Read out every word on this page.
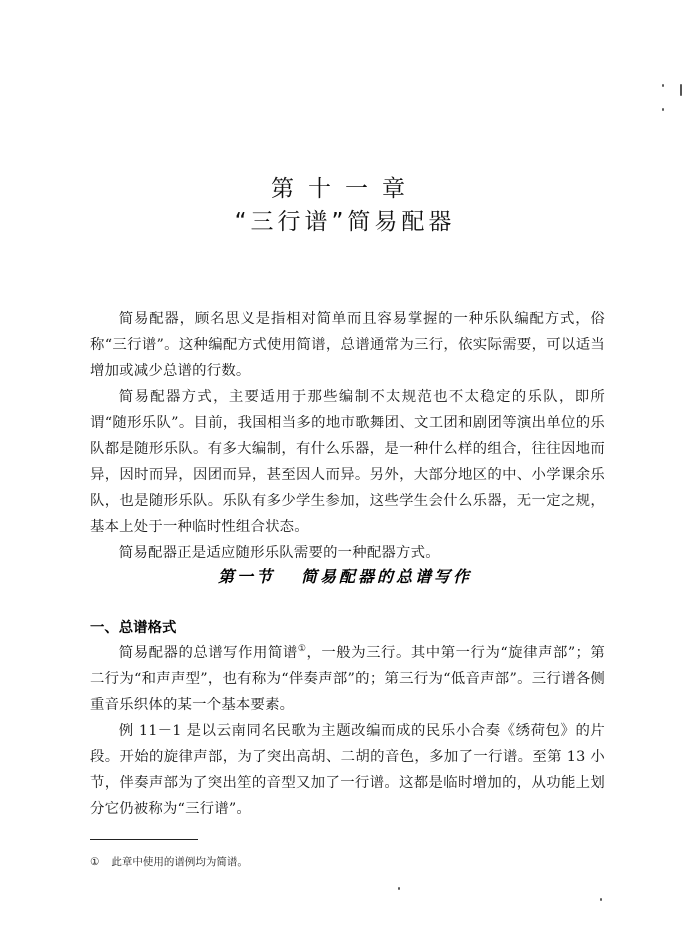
第十一章
“三行谱”简易配器

简易配器，顾名思义是指相对简单而且容易掌握的一种乐队编配方式，俗称“三行谱”。这种编配方式使用简谱，总谱通常为三行，依实际需要，可以适当增加或减少总谱的行数。

简易配器方式，主要适用于那些编制不太规范也不太稳定的乐队，即所谓“随形乐队”。目前，我国相当多的地市歌舞团、文工团和剧团等演出单位的乐队都是随形乐队。有多大编制，有什么乐器，是一种什么样的组合，往往因地而异，因时而异，因团而异，甚至因人而异。另外，大部分地区的中、小学课余乐队，也是随形乐队。乐队有多少学生参加，这些学生会什么乐器，无一定之规，基本上处于一种临时性组合状态。

简易配器正是适应随形乐队需要的一种配器方式。

第一节 简易配器的总谱写作
一、总谱格式

简易配器的总谱写作用简谱①，一般为三行。其中第一行为“旋律声部”；第二行为“和声声型”，也有称为“伴奏声部”的；第三行为“低音声部”。三行谱各侧重音乐织体的某一个基本要素。

例 11－1 是以云南同名民歌为主题改编而成的民乐小合奏《绣荷包》的片段。开始的旋律声部，为了突出高胡、二胡的音色，多加了一行谱。至第 13 小节，伴奏声部为了突出笙的音型又加了一行谱。这都是临时增加的，从功能上划分它仍被称为“三行谱”。

① 此章中使用的谱例均为简谱。
